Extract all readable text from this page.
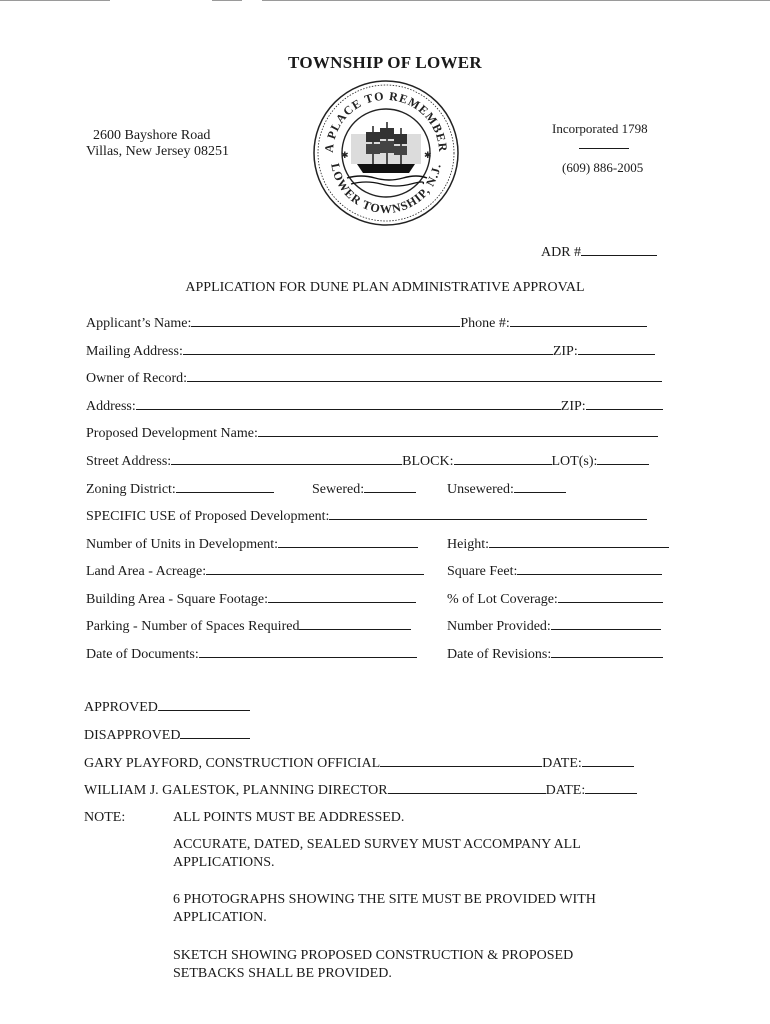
TOWNSHIP OF LOWER
2600 Bayshore Road
Villas, New Jersey 08251
Incorporated 1798
(609) 886-2005
A PLACE TO REMEMBER
LOWER TOWNSHIP, N.J.
✱	✱
ADR #
APPLICATION FOR DUNE PLAN ADMINISTRATIVE APPROVAL
Applicant’s Name:	Phone #:
Mailing Address:	ZIP:
Owner of Record:
Address:	ZIP:
Proposed Development Name:
Street Address:	BLOCK:	LOT(s):
Zoning District:	Sewered:	Unsewered:
SPECIFIC USE of Proposed Development:
Number of Units in Development:	Height:
Land Area - Acreage:	Square Feet:
Building Area - Square Footage:	% of Lot Coverage:
Parking - Number of Spaces Required	Number Provided:
Date of Documents:	Date of Revisions:
APPROVED
DISAPPROVED
GARY PLAYFORD, CONSTRUCTION OFFICIAL	DATE:
WILLIAM J. GALESTOK, PLANNING DIRECTOR	DATE:
NOTE:	ALL POINTS MUST BE ADDRESSED.
ACCURATE, DATED, SEALED SURVEY MUST ACCOMPANY ALL
APPLICATIONS.
6 PHOTOGRAPHS SHOWING THE SITE MUST BE PROVIDED WITH
APPLICATION.
SKETCH SHOWING PROPOSED CONSTRUCTION & PROPOSED
SETBACKS SHALL BE PROVIDED.
